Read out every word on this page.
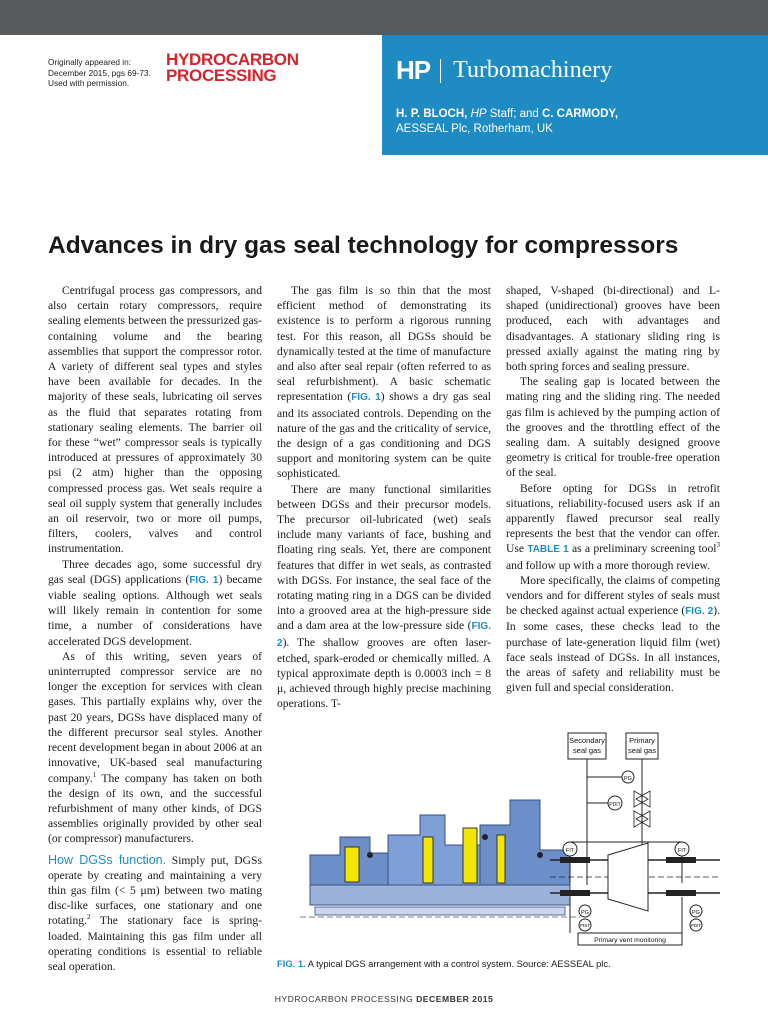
Originally appeared in:
December 2015, pgs 69-73.
Used with permission.
HYDROCARBON
PROCESSING	HP Turbomachinery
H. P. BLOCH, HP Staff; and C. CARMODY,
AESSEAL Plc, Rotherham, UK
Advances in dry gas seal technology for compressors

Centrifugal process gas compressors, and also certain rotary compressors, require sealing elements between the pressurized gas-containing volume and the bearing assemblies that support the compressor rotor. A variety of different seal types and styles have been available for decades. In the majority of these seals, lubricating oil serves as the fluid that separates rotating from stationary sealing elements. The barrier oil for these “wet” compressor seals is typically introduced at pressures of approximately 30 psi (2 atm) higher than the opposing compressed process gas. Wet seals require a seal oil supply system that generally includes an oil reservoir, two or more oil pumps, filters, coolers, valves and control instrumentation.

Three decades ago, some successful dry gas seal (DGS) applications (FIG. 1) became viable sealing options. Although wet seals will likely remain in contention for some time, a number of considerations have accelerated DGS development.

As of this writing, seven years of uninterrupted compressor service are no longer the exception for services with clean gases. This partially explains why, over the past 20 years, DGSs have displaced many of the different precursor seal styles. Another recent development began in about 2006 at an innovative, UK-based seal manufacturing company.$^1$ The company has taken on both the design of its own, and the successful refurbishment of many other kinds, of DGS assemblies originally provided by other seal (or compressor) manufacturers.

How DGSs function. Simply put, DGSs operate by creating and maintaining a very thin gas film (< 5 μm) between two mating disc-like surfaces, one stationary and one rotating.$^2$ The stationary face is spring-loaded. Maintaining this gas film under all operating conditions is essential to reliable seal operation.

The gas film is so thin that the most efficient method of demonstrating its existence is to perform a rigorous running test. For this reason, all DGSs should be dynamically tested at the time of manufacture and also after seal repair (often referred to as seal refurbishment). A basic schematic representation (FIG. 1) shows a dry gas seal and its associated controls. Depending on the nature of the gas and the criticality of service, the design of a gas conditioning and DGS support and monitoring system can be quite sophisticated.

There are many functional similarities between DGSs and their precursor models. The precursor oil-lubricated (wet) seals include many variants of face, bushing and floating ring seals. Yet, there are component features that differ in wet seals, as contrasted with DGSs. For instance, the seal face of the rotating mating ring in a DGS can be divided into a grooved area at the high-pressure side and a dam area at the low-pressure side (FIG. 2). The shallow grooves are often laser-etched, spark-eroded or chemically milled. A typical approximate depth is 0.0003 inch = 8 μ, achieved through highly precise machining operations. T-

shaped, V-shaped (bi-directional) and L-shaped (unidirectional) grooves have been produced, each with advantages and disadvantages. A stationary sliding ring is pressed axially against the mating ring by both spring forces and sealing pressure.

The sealing gap is located between the mating ring and the sliding ring. The needed gas film is achieved by the pumping action of the grooves and the throttling effect of the sealing dam. A suitably designed groove geometry is critical for trouble-free operation of the seal.

Before opting for DGSs in retrofit situations, reliability-focused users ask if an apparently flawed precursor seal really represents the best that the vendor can offer. Use TABLE 1 as a preliminary screening tool$^3$ and follow up with a more thorough review.

More specifically, the claims of competing vendors and for different styles of seals must be checked against actual experience (FIG. 2). In some cases, these checks lead to the purchase of late-generation liquid film (wet) face seals instead of DGSs. In all instances, the areas of safety and reliability must be given full and special consideration.

Secondary
seal gas
Primary
seal gas
PG
PDIT
FIT	FIT
PG
PDIT
PG
PDIT
Primary vent monitoring
FIG. 1. A typical DGS arrangement with a control system. Source: AESSEAL plc.
HYDROCARBON PROCESSING DECEMBER 2015
